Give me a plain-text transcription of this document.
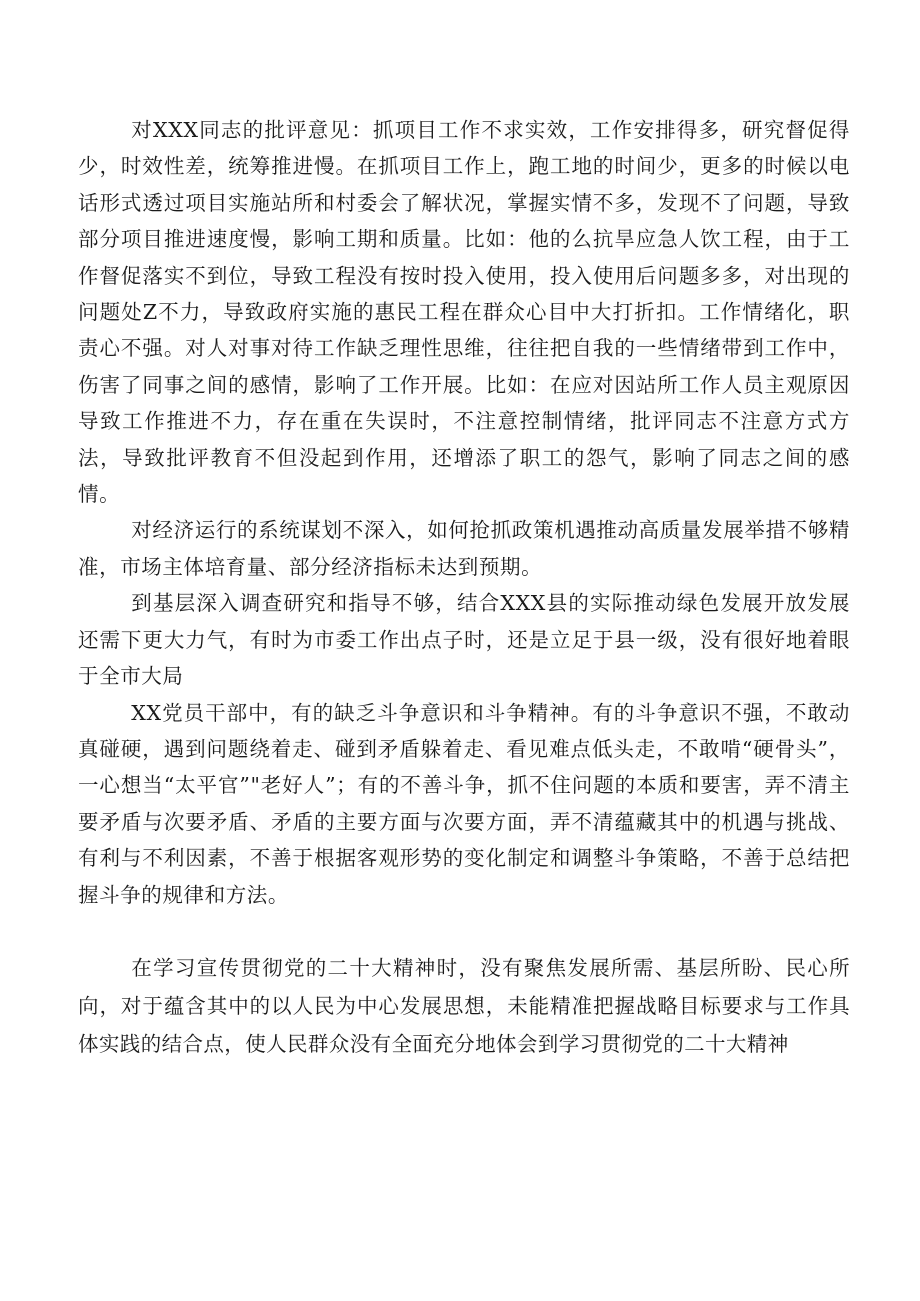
对XXX同志的批评意见：抓项目工作不求实效，工作安排得多，研究督促得少，时效性差，统筹推进慢。在抓项目工作上，跑工地的时间少，更多的时候以电话形式透过项目实施站所和村委会了解状况，掌握实情不多，发现不了问题，导致部分项目推进速度慢，影响工期和质量。比如：他的么抗旱应急人饮工程，由于工作督促落实不到位，导致工程没有按时投入使用，投入使用后问题多多，对出现的问题处Z不力，导致政府实施的惠民工程在群众心目中大打折扣。工作情绪化，职责心不强。对人对事对待工作缺乏理性思维，往往把自我的一些情绪带到工作中，伤害了同事之间的感情，影响了工作开展。比如：在应对因站所工作人员主观原因导致工作推进不力，存在重在失误时，不注意控制情绪，批评同志不注意方式方法，导致批评教育不但没起到作用，还增添了职工的怨气，影响了同志之间的感情。

对经济运行的系统谋划不深入，如何抢抓政策机遇推动高质量发展举措不够精准，市场主体培育量、部分经济指标未达到预期。

到基层深入调查研究和指导不够，结合XXX县的实际推动绿色发展开放发展还需下更大力气，有时为市委工作出点子时，还是立足于县一级，没有很好地着眼于全市大局

XX党员干部中，有的缺乏斗争意识和斗争精神。有的斗争意识不强，不敢动真碰硬，遇到问题绕着走、碰到矛盾躲着走、看见难点低头走，不敢啃“硬骨头”，一心想当“太平官”"老好人”；有的不善斗争，抓不住问题的本质和要害，弄不清主要矛盾与次要矛盾、矛盾的主要方面与次要方面，弄不清蕴藏其中的机遇与挑战、有利与不利因素，不善于根据客观形势的变化制定和调整斗争策略，不善于总结把握斗争的规律和方法。

在学习宣传贯彻党的二十大精神时，没有聚焦发展所需、基层所盼、民心所向，对于蕴含其中的以人民为中心发展思想，未能精准把握战略目标要求与工作具体实践的结合点，使人民群众没有全面充分地体会到学习贯彻党的二十大精神
